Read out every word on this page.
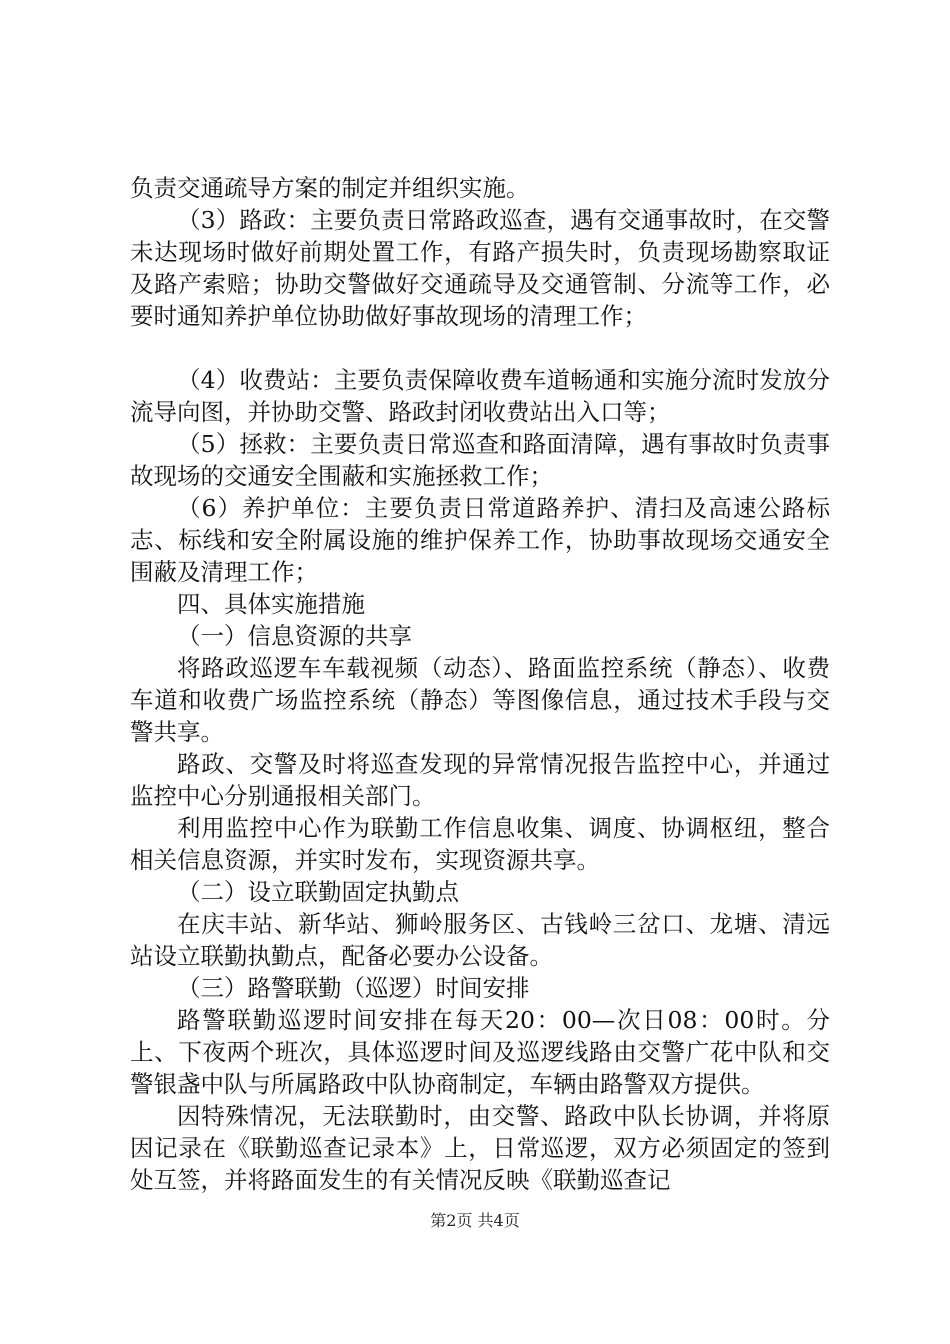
负责交通疏导方案的制定并组织实施。

（3）路政：主要负责日常路政巡查，遇有交通事故时，在交警未达现场时做好前期处置工作，有路产损失时，负责现场勘察取证及路产索赔；协助交警做好交通疏导及交通管制、分流等工作，必要时通知养护单位协助做好事故现场的清理工作；

（4）收费站：主要负责保障收费车道畅通和实施分流时发放分流导向图，并协助交警、路政封闭收费站出入口等；

（5）拯救：主要负责日常巡查和路面清障，遇有事故时负责事故现场的交通安全围蔽和实施拯救工作；

（6）养护单位：主要负责日常道路养护、清扫及高速公路标志、标线和安全附属设施的维护保养工作，协助事故现场交通安全围蔽及清理工作；

四、具体实施措施

（一）信息资源的共享

将路政巡逻车车载视频（动态）、路面监控系统（静态）、收费车道和收费广场监控系统（静态）等图像信息，通过技术手段与交警共享。

路政、交警及时将巡查发现的异常情况报告监控中心，并通过监控中心分别通报相关部门。

利用监控中心作为联勤工作信息收集、调度、协调枢纽，整合相关信息资源，并实时发布，实现资源共享。

（二）设立联勤固定执勤点

在庆丰站、新华站、狮岭服务区、古钱岭三岔口、龙塘、清远站设立联勤执勤点，配备必要办公设备。

（三）路警联勤（巡逻）时间安排

路警联勤巡逻时间安排在每天20：00—次日08：00时。分上、下夜两个班次，具体巡逻时间及巡逻线路由交警广花中队和交警银盏中队与所属路政中队协商制定，车辆由路警双方提供。

因特殊情况，无法联勤时，由交警、路政中队长协调，并将原因记录在《联勤巡查记录本》上，日常巡逻，双方必须固定的签到处互签，并将路面发生的有关情况反映《联勤巡查记

第2页 共4页
